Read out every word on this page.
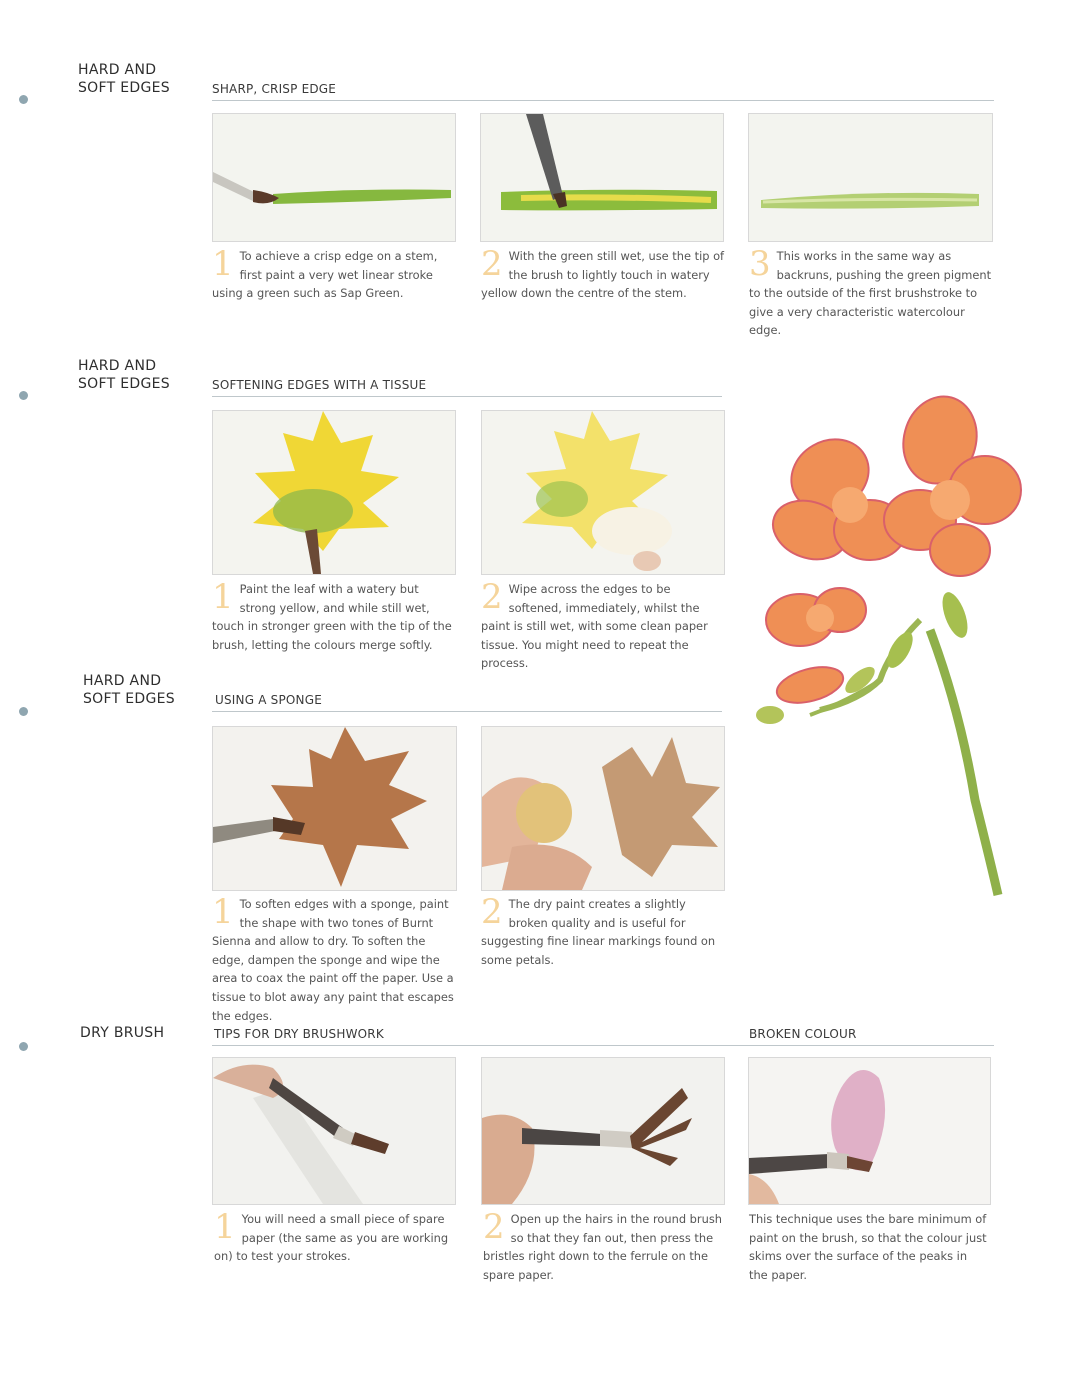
HARD AND SOFT EDGES	SHARP, CRISP EDGE
1 To achieve a crisp edge on a stem, first paint a very wet linear stroke using a green such as Sap Green.
2 With the green still wet, use the tip of the brush to lightly touch in watery yellow down the centre of the stem.
3 This works in the same way as backruns, pushing the green pigment to the outside of the first brushstroke to give a very characteristic watercolour edge.
HARD AND SOFT EDGES	SOFTENING EDGES WITH A TISSUE
1 Paint the leaf with a watery but strong yellow, and while still wet, touch in stronger green with the tip of the brush, letting the colours merge softly.
2 Wipe across the edges to be softened, immediately, whilst the paint is still wet, with some clean paper tissue. You might need to repeat the process.
HARD AND SOFT EDGES	USING A SPONGE
1 To soften edges with a sponge, paint the shape with two tones of Burnt Sienna and allow to dry. To soften the edge, dampen the sponge and wipe the area to coax the paint off the paper. Use a tissue to blot away any paint that escapes the edges.
2 The dry paint creates a slightly broken quality and is useful for suggesting fine linear markings found on some petals.
DRY BRUSH	TIPS FOR DRY BRUSHWORK	BROKEN COLOUR
1 You will need a small piece of spare paper (the same as you are working on) to test your strokes.
2 Open up the hairs in the round brush so that they fan out, then press the bristles right down to the ferrule on the spare paper.
This technique uses the bare minimum of paint on the brush, so that the colour just skims over the surface of the peaks in the paper.
